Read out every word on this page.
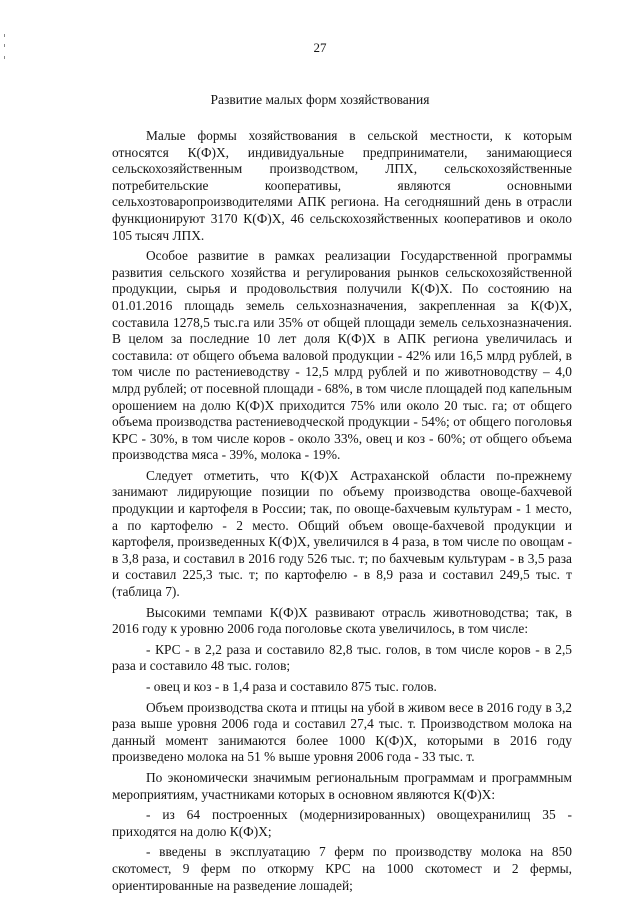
27
Развитие малых форм хозяйствования

Малые формы хозяйствования в сельской местности, к которым относятся К(Ф)Х, индивидуальные предприниматели, занимающиеся сельскохозяйственным производством, ЛПХ, сельскохозяйственные потребительские кооперативы, являются основными сельхозтоваропроизводителями АПК региона. На сегодняшний день в отрасли функционируют 3170 К(Ф)Х, 46 сельскохозяйственных кооперативов и около 105 тысяч ЛПХ.

Особое развитие в рамках реализации Государственной программы развития сельского хозяйства и регулирования рынков сельскохозяйственной продукции, сырья и продовольствия получили К(Ф)Х. По состоянию на 01.01.2016 площадь земель сельхозназначения, закрепленная за К(Ф)Х, составила 1278,5 тыс.га или 35% от общей площади земель сельхозназначения. В целом за последние 10 лет доля К(Ф)Х в АПК региона увеличилась и составила: от общего объема валовой продукции - 42% или 16,5 млрд рублей, в том числе по растениеводству - 12,5 млрд рублей и по животноводству – 4,0 млрд рублей; от посевной площади - 68%, в том числе площадей под капельным орошением на долю К(Ф)Х приходится 75% или около 20 тыс. га; от общего объема производства растениеводческой продукции - 54%; от общего поголовья КРС - 30%, в том числе коров - около 33%, овец и коз - 60%; от общего объема производства мяса - 39%, молока - 19%.

Следует отметить, что К(Ф)Х Астраханской области по-прежнему занимают лидирующие позиции по объему производства овоще-бахчевой продукции и картофеля в России; так, по овоще-бахчевым культурам - 1 место, а по картофелю - 2 место. Общий объем овоще-бахчевой продукции и картофеля, произведенных К(Ф)Х, увеличился в 4 раза, в том числе по овощам - в 3,8 раза, и составил в 2016 году 526 тыс. т; по бахчевым культурам - в 3,5 раза и составил 225,3 тыс. т; по картофелю - в 8,9 раза и составил 249,5 тыс. т (таблица 7).

Высокими темпами К(Ф)Х развивают отрасль животноводства; так, в 2016 году к уровню 2006 года поголовье скота увеличилось, в том числе:

- КРС - в 2,2 раза и составило 82,8 тыс. голов, в том числе коров - в 2,5 раза и составило 48 тыс. голов;

- овец и коз - в 1,4 раза и составило 875 тыс. голов.

Объем производства скота и птицы на убой в живом весе в 2016 году в 3,2 раза выше уровня 2006 года и составил 27,4 тыс. т. Производством молока на данный момент занимаются более 1000 К(Ф)Х, которыми в 2016 году произведено молока на 51 % выше уровня 2006 года - 33 тыс. т.

По экономически значимым региональным программам и программным мероприятиям, участниками которых в основном являются К(Ф)Х:

- из 64 построенных (модернизированных) овощехранилищ 35 - приходятся на долю К(Ф)Х;

- введены в эксплуатацию 7 ферм по производству молока на 850 скотомест, 9 ферм по откорму КРС на 1000 скотомест и 2 фермы, ориентированные на разведение лошадей;
